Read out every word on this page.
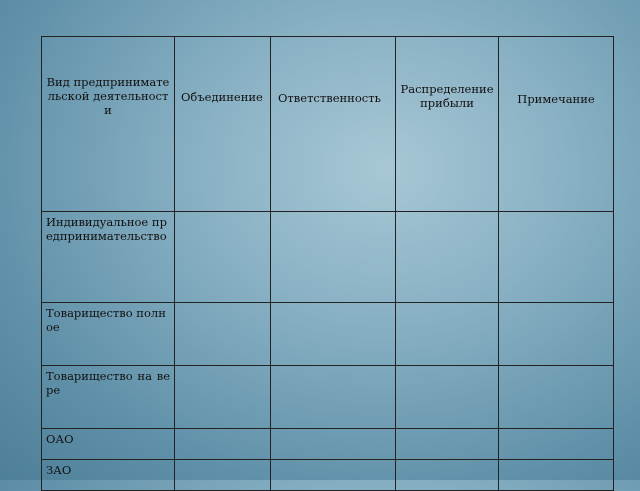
Вид предпринимательской деятельности	Объединение	Ответственность	Распределение прибыли	Примечание
Индивидуальное предпринимательство				
Товарищество полное				

Товарищество на вере				

ОАО				
ЗАО				
